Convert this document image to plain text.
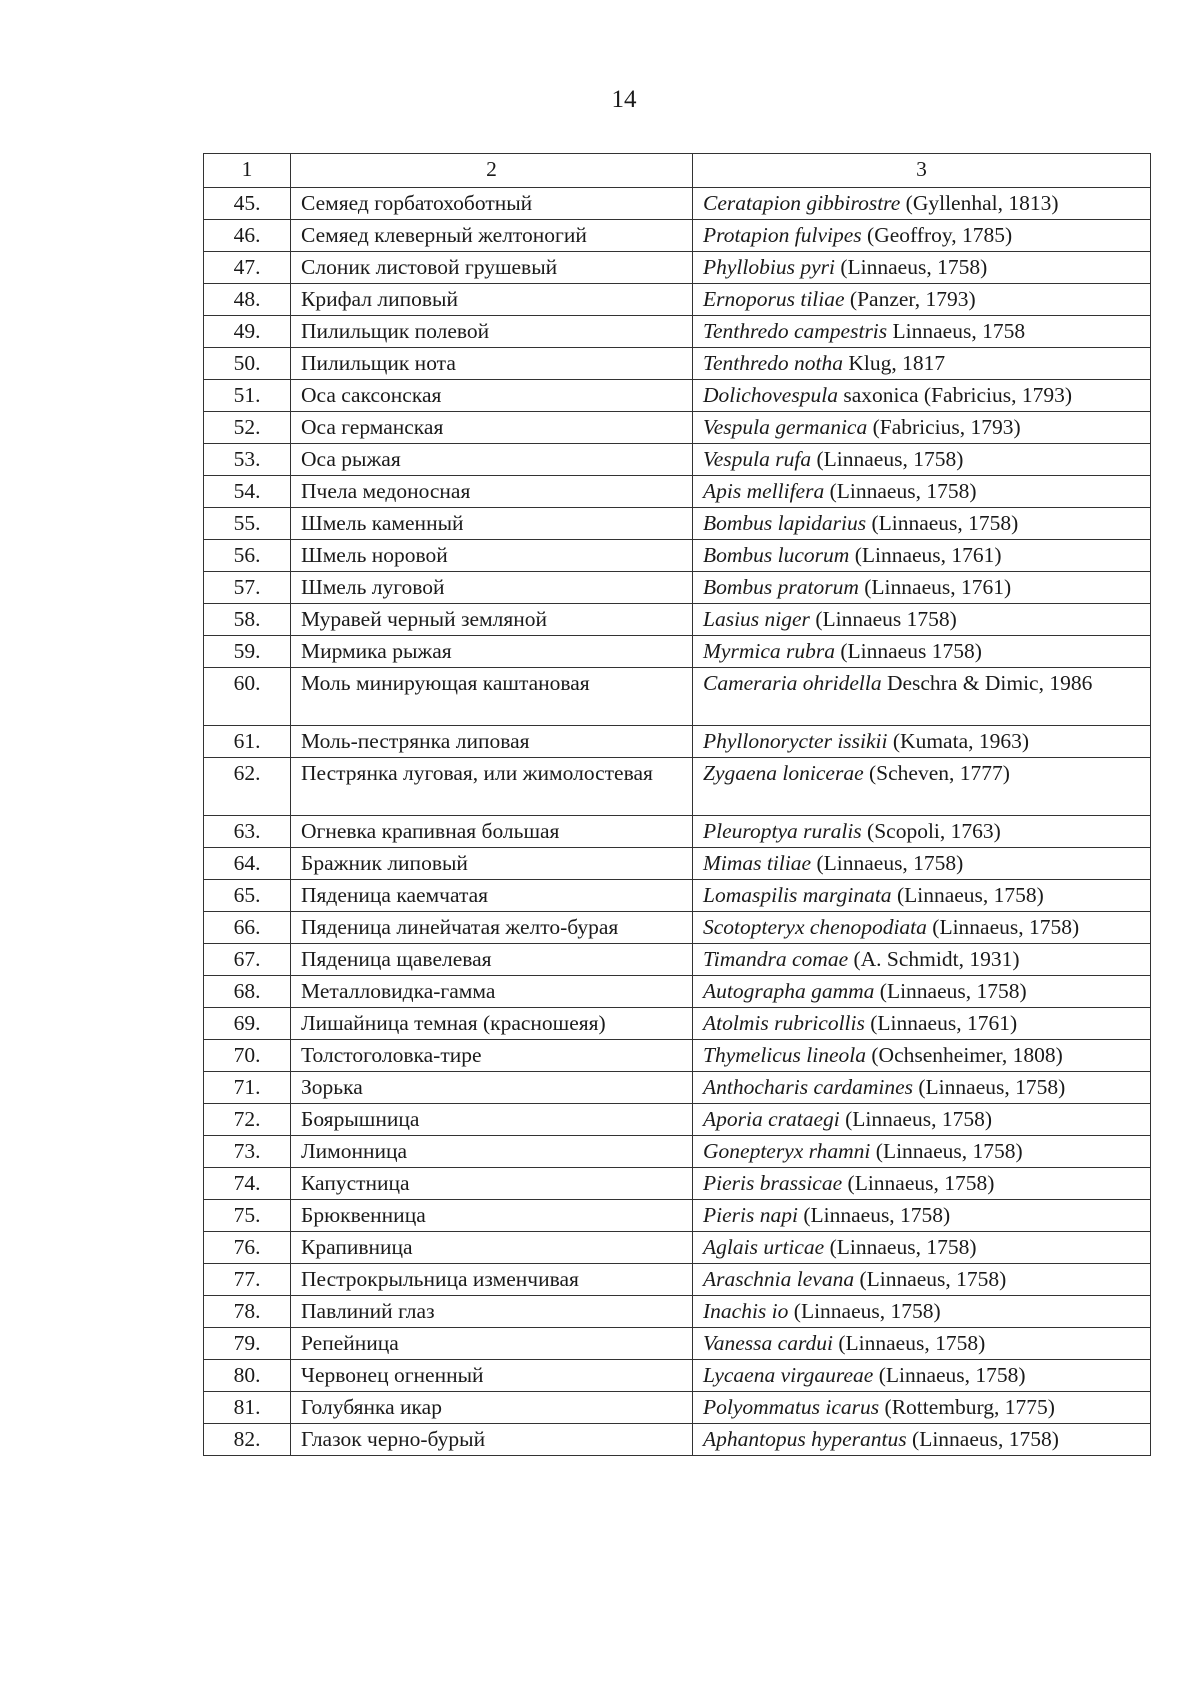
14
1	2	3
45.	Семяед горбатохоботный	Ceratapion gibbirostre (Gyllenhal, 1813)
46.	Семяед клеверный желтоногий	Protapion fulvipes (Geoffroy, 1785)
47.	Слоник листовой грушевый	Phyllobius pyri (Linnaeus, 1758)
48.	Крифал липовый	Ernoporus tiliae (Panzer, 1793)
49.	Пилильщик полевой	Tenthredo campestris Linnaeus, 1758
50.	Пилильщик нота	Tenthredo notha Klug, 1817
51.	Оса саксонская	Dolichovespula saxonica (Fabricius, 1793)
52.	Оса германская	Vespula germanica (Fabricius, 1793)
53.	Оса рыжая	Vespula rufa (Linnaeus, 1758)
54.	Пчела медоносная	Apis mellifera (Linnaeus, 1758)
55.	Шмель каменный	Bombus lapidarius (Linnaeus, 1758)
56.	Шмель норовой	Bombus lucorum (Linnaeus, 1761)
57.	Шмель луговой	Bombus pratorum (Linnaeus, 1761)
58.	Муравей черный земляной	Lasius niger (Linnaeus 1758)
59.	Мирмика рыжая	Myrmica rubra (Linnaeus 1758)
60.	Моль минирующая каштановая	Cameraria ohridella Deschra & Dimic, 1986
61.	Моль-пестрянка липовая	Phyllonorycter issikii (Kumata, 1963)
62.	Пестрянка луговая, или жимолостевая	Zygaena lonicerae (Scheven, 1777)
63.	Огневка крапивная большая	Pleuroptya ruralis (Scopoli, 1763)
64.	Бражник липовый	Mimas tiliae (Linnaeus, 1758)
65.	Пяденица каемчатая	Lomaspilis marginata (Linnaeus, 1758)
66.	Пяденица линейчатая желто-бурая	Scotopteryx chenopodiata (Linnaeus, 1758)
67.	Пяденица щавелевая	Timandra comae (A. Schmidt, 1931)
68.	Металловидка-гамма	Autographa gamma (Linnaeus, 1758)
69.	Лишайница темная (красношеяя)	Atolmis rubricollis (Linnaeus, 1761)
70.	Толстоголовка-тире	Thymelicus lineola (Ochsenheimer, 1808)
71.	Зорька	Anthocharis cardamines (Linnaeus, 1758)
72.	Боярышница	Aporia crataegi (Linnaeus, 1758)
73.	Лимонница	Gonepteryx rhamni (Linnaeus, 1758)
74.	Капустница	Pieris brassicae (Linnaeus, 1758)
75.	Брюквенница	Pieris napi (Linnaeus, 1758)
76.	Крапивница	Aglais urticae (Linnaeus, 1758)
77.	Пестрокрыльница изменчивая	Araschnia levana (Linnaeus, 1758)
78.	Павлиний глаз	Inachis io (Linnaeus, 1758)
79.	Репейница	Vanessa cardui (Linnaeus, 1758)
80.	Червонец огненный	Lycaena virgaureae (Linnaeus, 1758)
81.	Голубянка икар	Polyommatus icarus (Rottemburg, 1775)
82.	Глазок черно-бурый	Aphantopus hyperantus (Linnaeus, 1758)
